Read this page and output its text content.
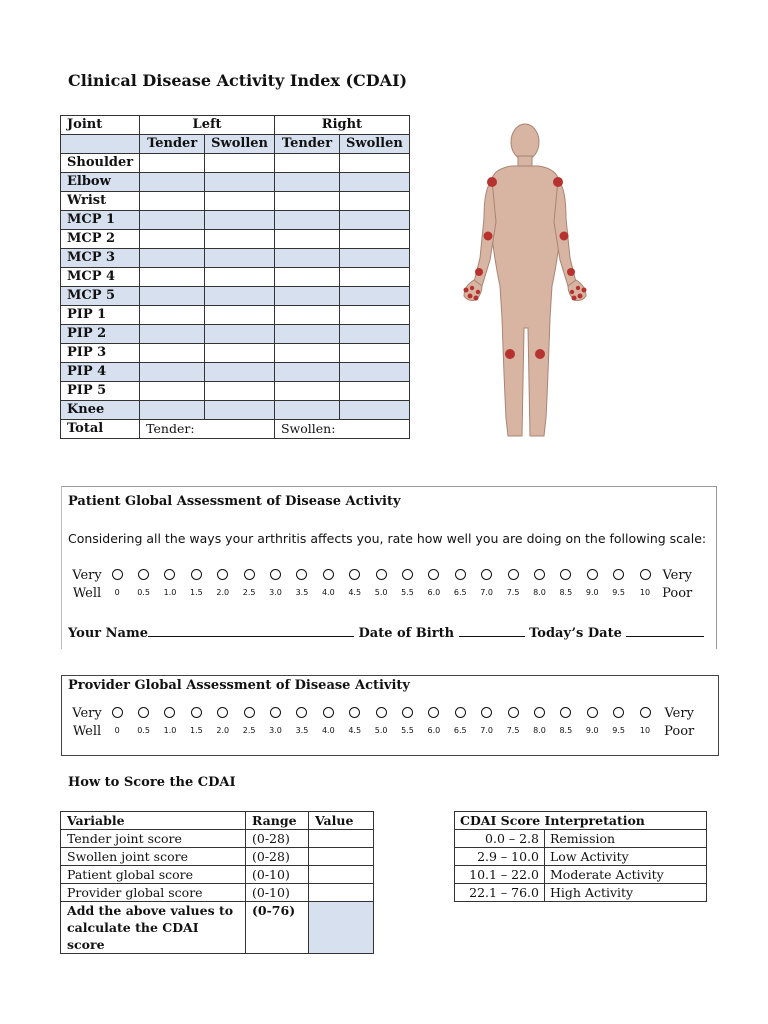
Clinical Disease Activity Index (CDAI)
Joint	Left		Right	
	Tender	Swollen	Tender	Swollen
Shoulder				
Elbow				
Wrist				
MCP 1				
MCP 2				
MCP 3				
MCP 4				
MCP 5				
PIP 1				
PIP 2				
PIP 3				
PIP 4				
PIP 5				
Knee				
Total	Tender:		Swollen:	
Patient Global Assessment of Disease Activity
Considering all the ways your arthritis affects you, rate how well you are doing on the following scale:
Very
Well	0 0.5 1.0 1.5 2.0 2.5 3.0 3.5 4.0 4.5 5.0 5.5 6.0 6.5 7.0 7.5 8.0 8.5 9.0 9.5 10
Very
Poor
Your Name	Date of Birth	Today’s Date
Provider Global Assessment of Disease Activity
Very
Well	0 0.5 1.0 1.5 2.0 2.5 3.0 3.5 4.0 4.5 5.0 5.5 6.0 6.5 7.0 7.5 8.0 8.5 9.0 9.5 10
Very
Poor
How to Score the CDAI
Variable	Range	Value
Tender joint score	(0-28)	
Swollen joint score	(0-28)	
Patient global score	(0-10)	
Provider global score	(0-10)	

Add the above values to
calculate the CDAI score	(0-76)	
CDAI Score Interpretation	
0.0 – 2.8	Remission
2.9 – 10.0	Low Activity
10.1 – 22.0	Moderate Activity
22.1 – 76.0	High Activity
